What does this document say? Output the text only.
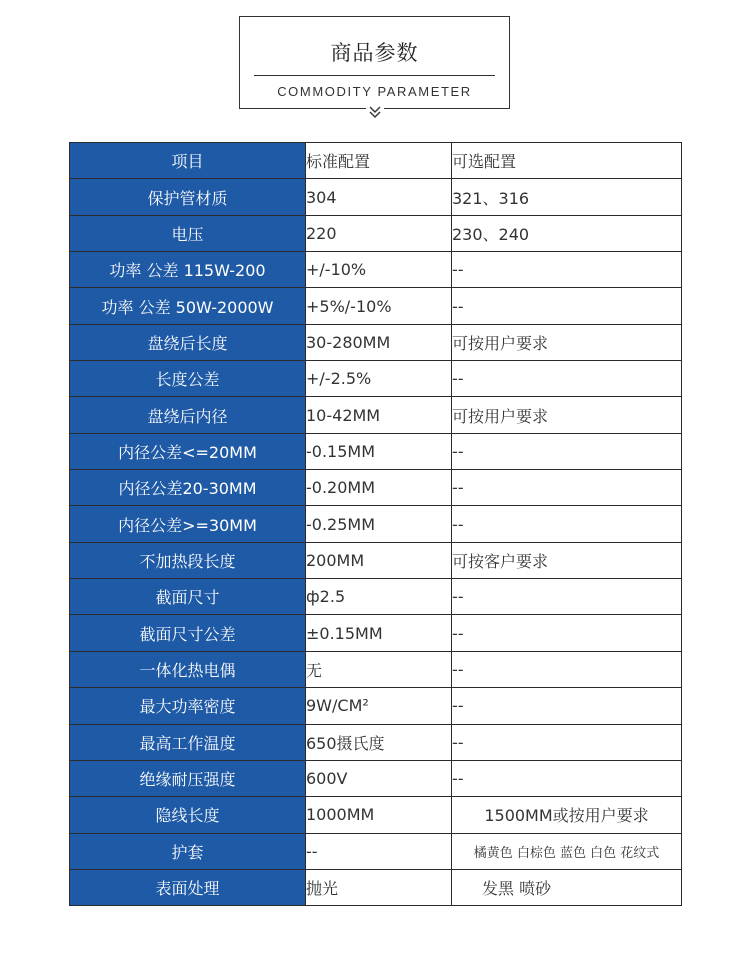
商品参数
COMMODITY PARAMETER
项目	标准配置	可选配置
保护管材质	304	321、316
电压	220	230、240
功率 公差 115W-200	+/-10%	--
功率 公差 50W-2000W	+5%/-10%	--
盘绕后长度	30-280MM	可按用户要求
长度公差	+/-2.5%	--
盘绕后内径	10-42MM	可按用户要求
内径公差<=20MM	-0.15MM	--
内径公差20-30MM	-0.20MM	--
内径公差>=30MM	-0.25MM	--
不加热段长度	200MM	可按客户要求
截面尺寸	ф2.5	--
截面尺寸公差	±0.15MM	--
一体化热电偶	无	--
最大功率密度	9W/CM²	--
最高工作温度	650摄氏度	--
绝缘耐压强度	600V	--
隐线长度	1000MM	1500MM或按用户要求
护套	--	橘黄色 白棕色 蓝色 白色 花纹式
表面处理	抛光	发黑 喷砂
